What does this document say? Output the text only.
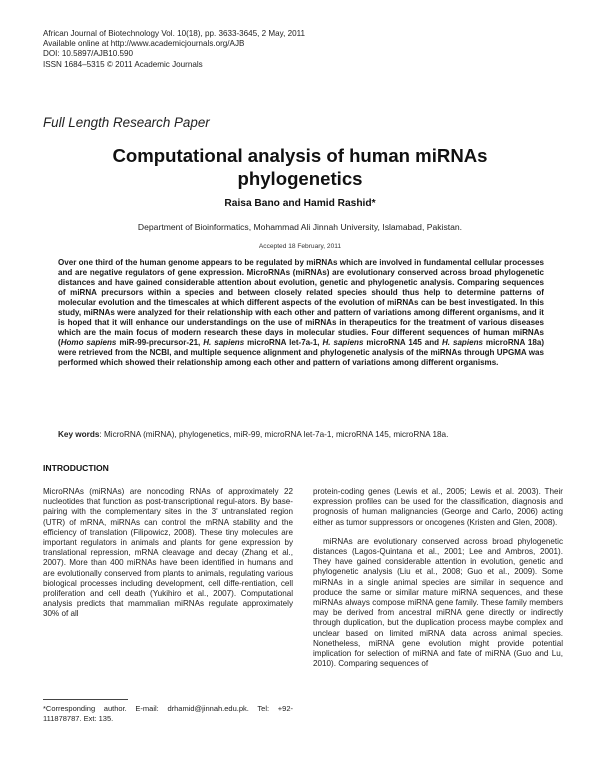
African Journal of Biotechnology Vol. 10(18), pp. 3633-3645, 2 May, 2011
Available online at http://www.academicjournals.org/AJB
DOI: 10.5897/AJB10.590
ISSN 1684–5315 © 2011 Academic Journals
Full Length Research Paper
Computational analysis of human miRNAs
phylogenetics
Raisa Bano and Hamid Rashid*
Department of Bioinformatics, Mohammad Ali Jinnah University, Islamabad, Pakistan.
Accepted 18 February, 2011

Over one third of the human genome appears to be regulated by miRNAs which are involved in fundamental cellular processes and are negative regulators of gene expression. MicroRNAs (miRNAs) are evolutionary conserved across broad phylogenetic distances and have gained considerable attention about evolution, genetic and phylogenetic analysis. Comparing sequences of miRNA precursors within a species and between closely related species should thus help to determine patterns of molecular evolution and the timescales at which different aspects of the evolution of miRNAs can be best investigated. In this study, miRNAs were analyzed for their relationship with each other and pattern of variations among different organisms, and it is hoped that it will enhance our understandings on the use of miRNAs in therapeutics for the treatment of various diseases which are the main focus of modern research these days in molecular studies. Four different sequences of human miRNAs (Homo sapiens miR-99-precursor-21, H. sapiens microRNA let-7a-1, H. sapiens microRNA 145 and H. sapiens microRNA 18a) were retrieved from the NCBI, and multiple sequence alignment and phylogenetic analysis of the miRNAs through UPGMA was performed which showed their relationship among each other and pattern of variations among different organisms.

Key words: MicroRNA (miRNA), phylogenetics, miR-99, microRNA let-7a-1, microRNA 145, microRNA 18a.
INTRODUCTION

MicroRNAs (miRNAs) are noncoding RNAs of approximately 22 nucleotides that function as post-transcriptional regul-ators. By base-pairing with the complementary sites in the 3' untranslated region (UTR) of mRNA, miRNAs can control the mRNA stability and the efficiency of translation (Filipowicz, 2008). These tiny molecules are important regulators in animals and plants for gene expression by translational repression, mRNA cleavage and decay (Zhang et al., 2007). More than 400 miRNAs have been identified in humans and are evolutionally conserved from plants to animals, regulating various biological processes including development, cell diffe-rentiation, cell proliferation and cell death (Yukihiro et al., 2007). Computational analysis predicts that mammalian miRNAs regulate approximately 30% of all

protein-coding genes (Lewis et al., 2005; Lewis et al. 2003). Their expression profiles can be used for the classification, diagnosis and prognosis of human malignancies (George and Carlo, 2006) acting either as tumor suppressors or oncogenes (Kristen and Glen, 2008).

miRNAs are evolutionary conserved across broad phylogenetic distances (Lagos-Quintana et al., 2001; Lee and Ambros, 2001). They have gained considerable attention in evolution, genetic and phylogenetic analysis (Liu et al., 2008; Guo et al., 2009). Some miRNAs in a single animal species are similar in sequence and produce the same or similar mature miRNA sequences, and these miRNAs always compose miRNA gene family. These family members may be derived from ancestral miRNA gene directly or indirectly through duplication, but the duplication process maybe complex and unclear based on limited miRNA data across animal species. Nonetheless, miRNA gene evolution might provide potential implication for selection of miRNA and fate of miRNA (Guo and Lu, 2010). Comparing sequences of

*Corresponding author. E-mail: drhamid@jinnah.edu.pk. Tel: +92-111878787. Ext: 135.
